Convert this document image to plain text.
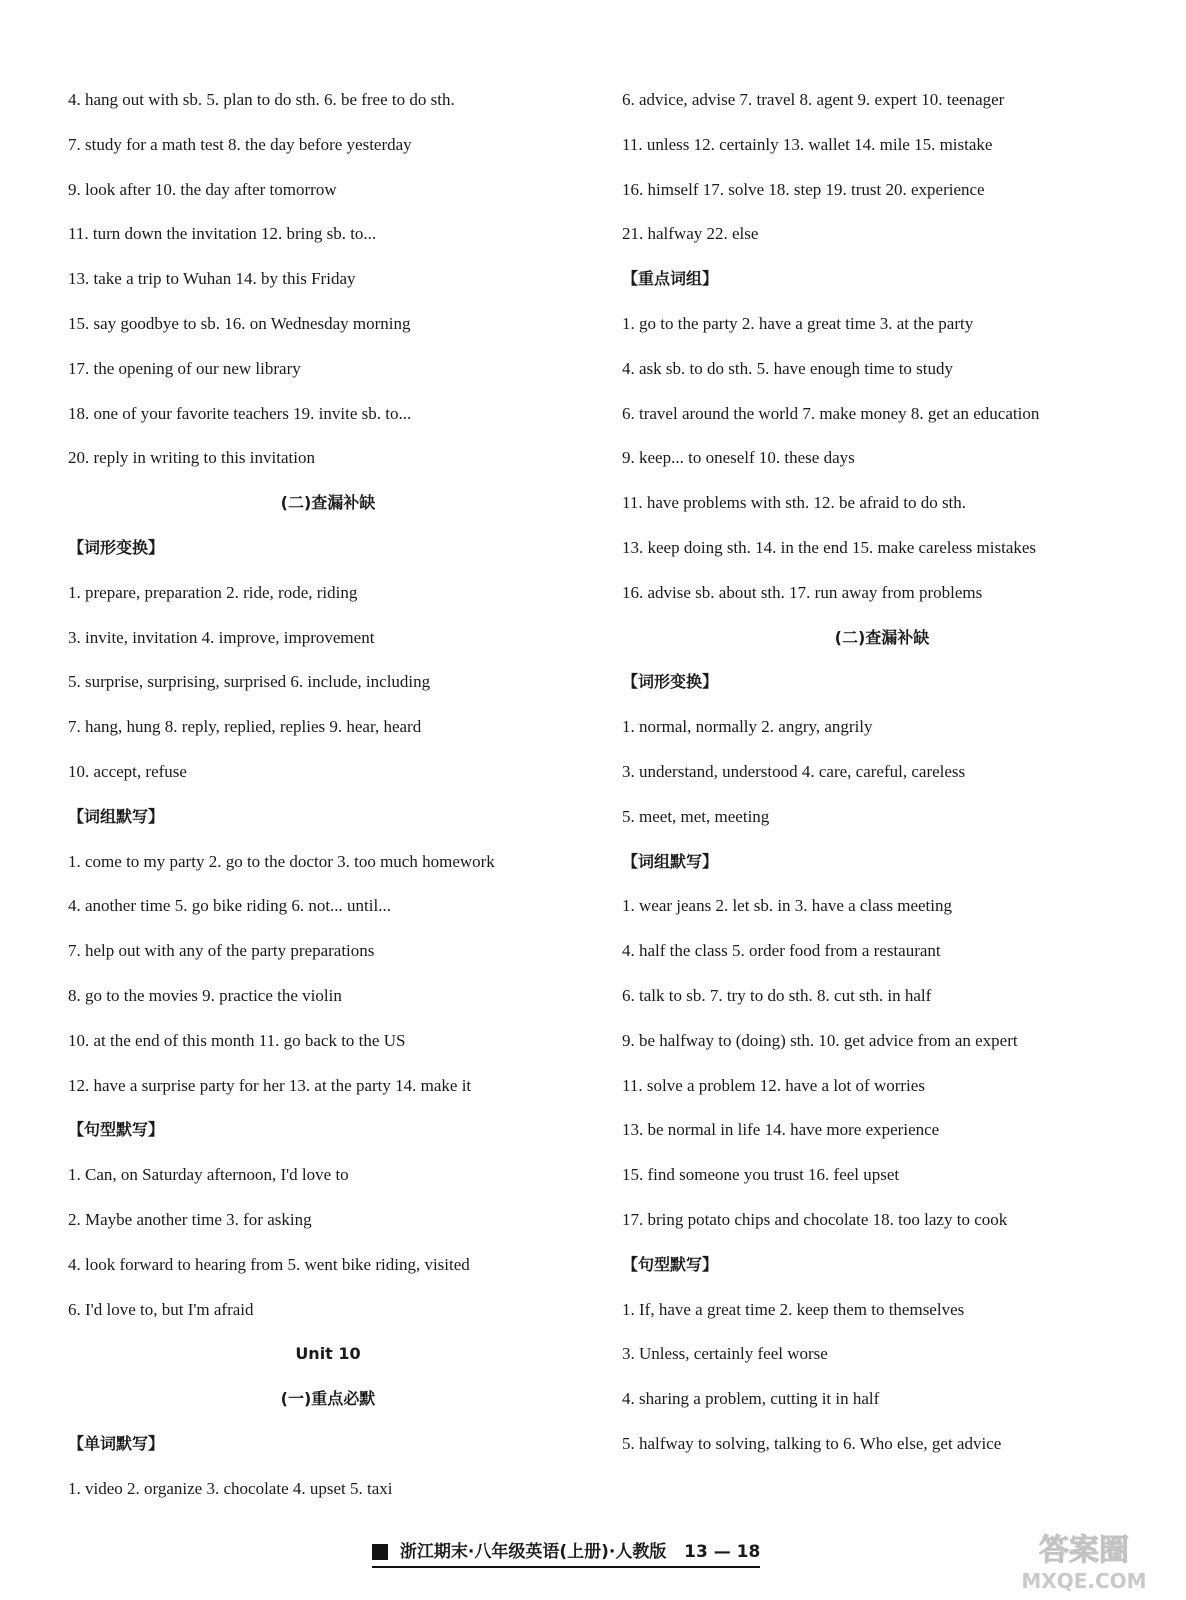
4. hang out with sb. 5. plan to do sth. 6. be free to do sth.
7. study for a math test 8. the day before yesterday
9. look after 10. the day after tomorrow
11. turn down the invitation 12. bring sb. to...
13. take a trip to Wuhan 14. by this Friday
15. say goodbye to sb. 16. on Wednesday morning
17. the opening of our new library
18. one of your favorite teachers 19. invite sb. to...
20. reply in writing to this invitation
(二)查漏补缺
【词形变换】
1. prepare, preparation 2. ride, rode, riding
3. invite, invitation 4. improve, improvement
5. surprise, surprising, surprised 6. include, including
7. hang, hung 8. reply, replied, replies 9. hear, heard
10. accept, refuse
【词组默写】
1. come to my party 2. go to the doctor 3. too much homework
4. another time 5. go bike riding 6. not... until...
7. help out with any of the party preparations
8. go to the movies 9. practice the violin
10. at the end of this month 11. go back to the US
12. have a surprise party for her 13. at the party 14. make it
【句型默写】
1. Can, on Saturday afternoon, I'd love to
2. Maybe another time 3. for asking
4. look forward to hearing from 5. went bike riding, visited
6. I'd love to, but I'm afraid
Unit 10
(一)重点必默
【单词默写】
1. video 2. organize 3. chocolate 4. upset 5. taxi
6. advice, advise 7. travel 8. agent 9. expert 10. teenager
11. unless 12. certainly 13. wallet 14. mile 15. mistake
16. himself 17. solve 18. step 19. trust 20. experience
21. halfway 22. else
【重点词组】
1. go to the party 2. have a great time 3. at the party
4. ask sb. to do sth. 5. have enough time to study
6. travel around the world 7. make money 8. get an education
9. keep... to oneself 10. these days
11. have problems with sth. 12. be afraid to do sth.
13. keep doing sth. 14. in the end 15. make careless mistakes
16. advise sb. about sth. 17. run away from problems
(二)查漏补缺
【词形变换】
1. normal, normally 2. angry, angrily
3. understand, understood 4. care, careful, careless
5. meet, met, meeting
【词组默写】
1. wear jeans 2. let sb. in 3. have a class meeting
4. half the class 5. order food from a restaurant
6. talk to sb. 7. try to do sth. 8. cut sth. in half
9. be halfway to (doing) sth. 10. get advice from an expert
11. solve a problem 12. have a lot of worries
13. be normal in life 14. have more experience
15. find someone you trust 16. feel upset
17. bring potato chips and chocolate 18. too lazy to cook
【句型默写】
1. If, have a great time 2. keep them to themselves
3. Unless, certainly feel worse
4. sharing a problem, cutting it in half
5. halfway to solving, talking to 6. Who else, get advice
浙江期末·八年级英语(上册)·人教版 13 — 18	答案圈
MXQE.COM
